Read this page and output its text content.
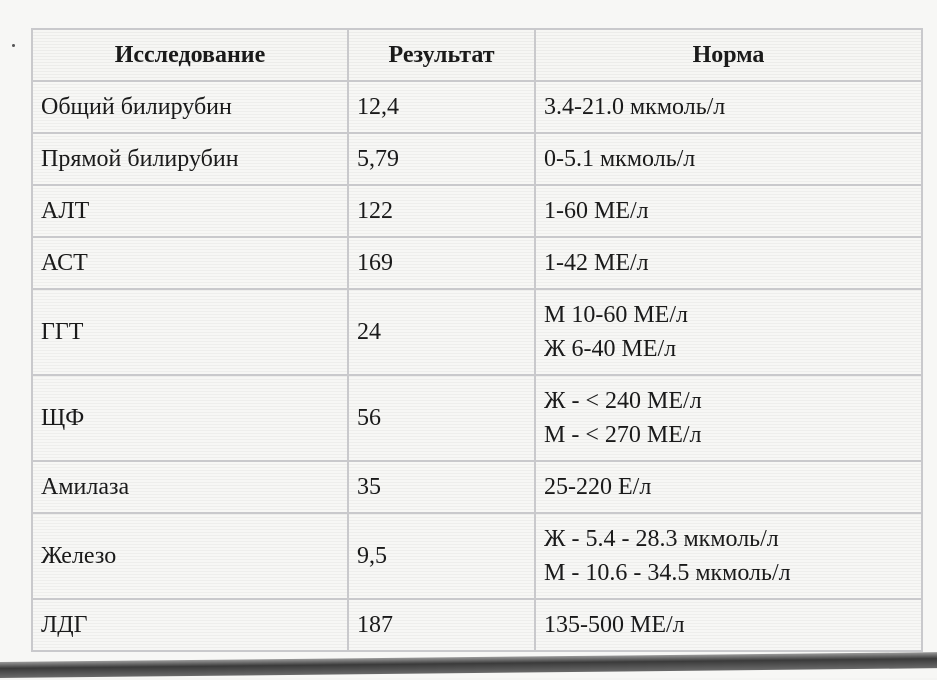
Исследование	Результат	Норма
Общий билирубин	12,4	3.4-21.0 мкмоль/л

Прямой билирубин	5,79	0-5.1 мкмоль/л

АЛТ	122	1-60 МЕ/л

АСТ	169	1-42 МЕ/л

ГГТ	24	М 10-60 МЕ/л
Ж 6-40 МЕ/л

ЩФ	56	Ж - < 240 МЕ/л
М - < 270 МЕ/л

Амилаза	35	25-220 Е/л

Железо	9,5	Ж - 5.4 - 28.3 мкмоль/л
М - 10.6 - 34.5 мкмоль/л

ЛДГ	187	135-500 МЕ/л
